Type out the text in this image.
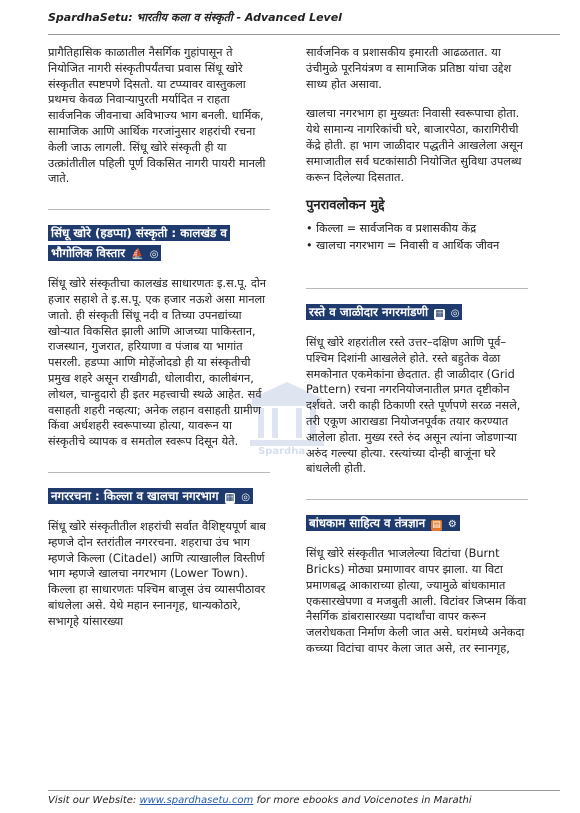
SpardhaSetu: भारतीय कला व संस्कृती - Advanced Level
Spardha

प्रागैतिहासिक काळातील नैसर्गिक गुहांपासून ते नियोजित नागरी संस्कृतीपर्यंतचा प्रवास सिंधू खोरे संस्कृतीत स्पष्टपणे दिसतो. या टप्प्यावर वास्तुकला प्रथमच केवळ निवाऱ्यापुरती मर्यादित न राहता सार्वजनिक जीवनाचा अविभाज्य भाग बनली. धार्मिक, सामाजिक आणि आर्थिक गरजांनुसार शहरांची रचना केली जाऊ लागली. सिंधू खोरे संस्कृती ही या उत्क्रांतीतील पहिली पूर्ण विकसित नागरी पायरी मानली जाते.

सिंधू खोरे (हडप्पा) संस्कृती : कालखंड व भौगोलिक विस्तार ⛵ ◎

सिंधू खोरे संस्कृतीचा कालखंड साधारणतः इ.स.पू. दोन हजार सहाशे ते इ.स.पू. एक हजार नऊशे असा मानला जातो. ही संस्कृती सिंधू नदी व तिच्या उपनद्यांच्या खोऱ्यात विकसित झाली आणि आजच्या पाकिस्तान, राजस्थान, गुजरात, हरियाणा व पंजाब या भागांत पसरली. हडप्पा आणि मोहेंजोदडो ही या संस्कृतीची प्रमुख शहरे असून राखीगढी, धोलावीरा, कालीबंगन, लोथल, चान्हुदारो ही इतर महत्त्वाची स्थळे आहेत. सर्व वसाहती शहरी नव्हत्या; अनेक लहान वसाहती ग्रामीण किंवा अर्धशहरी स्वरूपाच्या होत्या, यावरून या संस्कृतीचे व्यापक व समतोल स्वरूप दिसून येते.

नगररचना : किल्ला व खालचा नगरभाग ▦ ◎

सिंधू खोरे संस्कृतीतील शहरांची सर्वात वैशिष्ट्यपूर्ण बाब म्हणजे दोन स्तरांतील नगररचना. शहराचा उंच भाग म्हणजे किल्ला (Citadel) आणि त्याखालील विस्तीर्ण भाग म्हणजे खालचा नगरभाग (Lower Town). किल्ला हा साधारणतः पश्चिम बाजूस उंच व्यासपीठावर बांधलेला असे. येथे महान स्नानगृह, धान्यकोठारे, सभागृहे यांसारख्या

सार्वजनिक व प्रशासकीय इमारती आढळतात. या उंचीमुळे पूरनियंत्रण व सामाजिक प्रतिष्ठा यांचा उद्देश साध्य होत असावा.

खालचा नगरभाग हा मुख्यतः निवासी स्वरूपाचा होता. येथे सामान्य नागरिकांची घरे, बाजारपेठा, कारागिरीची केंद्रे होती. हा भाग जाळीदार पद्धतीने आखलेला असून समाजातील सर्व घटकांसाठी नियोजित सुविधा उपलब्ध करून दिलेल्या दिसतात.

पुनरावलोकन मुद्दे
• किल्ला = सार्वजनिक व प्रशासकीय केंद्र
• खालचा नगरभाग = निवासी व आर्थिक जीवन
रस्ते व जाळीदार नगरमांडणी ▦ ◎

सिंधू खोरे शहरांतील रस्ते उत्तर–दक्षिण आणि पूर्व–पश्चिम दिशांनी आखलेले होते. रस्ते बहुतेक वेळा समकोनात एकमेकांना छेदतात. ही जाळीदार (Grid Pattern) रचना नगरनियोजनातील प्रगत दृष्टीकोन दर्शवते. जरी काही ठिकाणी रस्ते पूर्णपणे सरळ नसले, तरी एकूण आराखडा नियोजनपूर्वक तयार करण्यात आलेला होता. मुख्य रस्ते रुंद असून त्यांना जोडणाऱ्या अरुंद गल्ल्या होत्या. रस्त्यांच्या दोन्ही बाजूंना घरे बांधलेली होती.

बांधकाम साहित्य व तंत्रज्ञान ▤ ⚙

सिंधू खोरे संस्कृतीत भाजलेल्या विटांचा (Burnt Bricks) मोठ्या प्रमाणावर वापर झाला. या विटा प्रमाणबद्ध आकाराच्या होत्या, ज्यामुळे बांधकामात एकसारखेपणा व मजबुती आली. विटांवर जिप्सम किंवा नैसर्गिक डांबरासारख्या पदार्थांचा वापर करून जलरोधकता निर्माण केली जात असे. घरांमध्ये अनेकदा कच्च्या विटांचा वापर केला जात असे, तर स्नानगृह,

Visit our Website: www.spardhasetu.com for more ebooks and Voicenotes in Marathi
